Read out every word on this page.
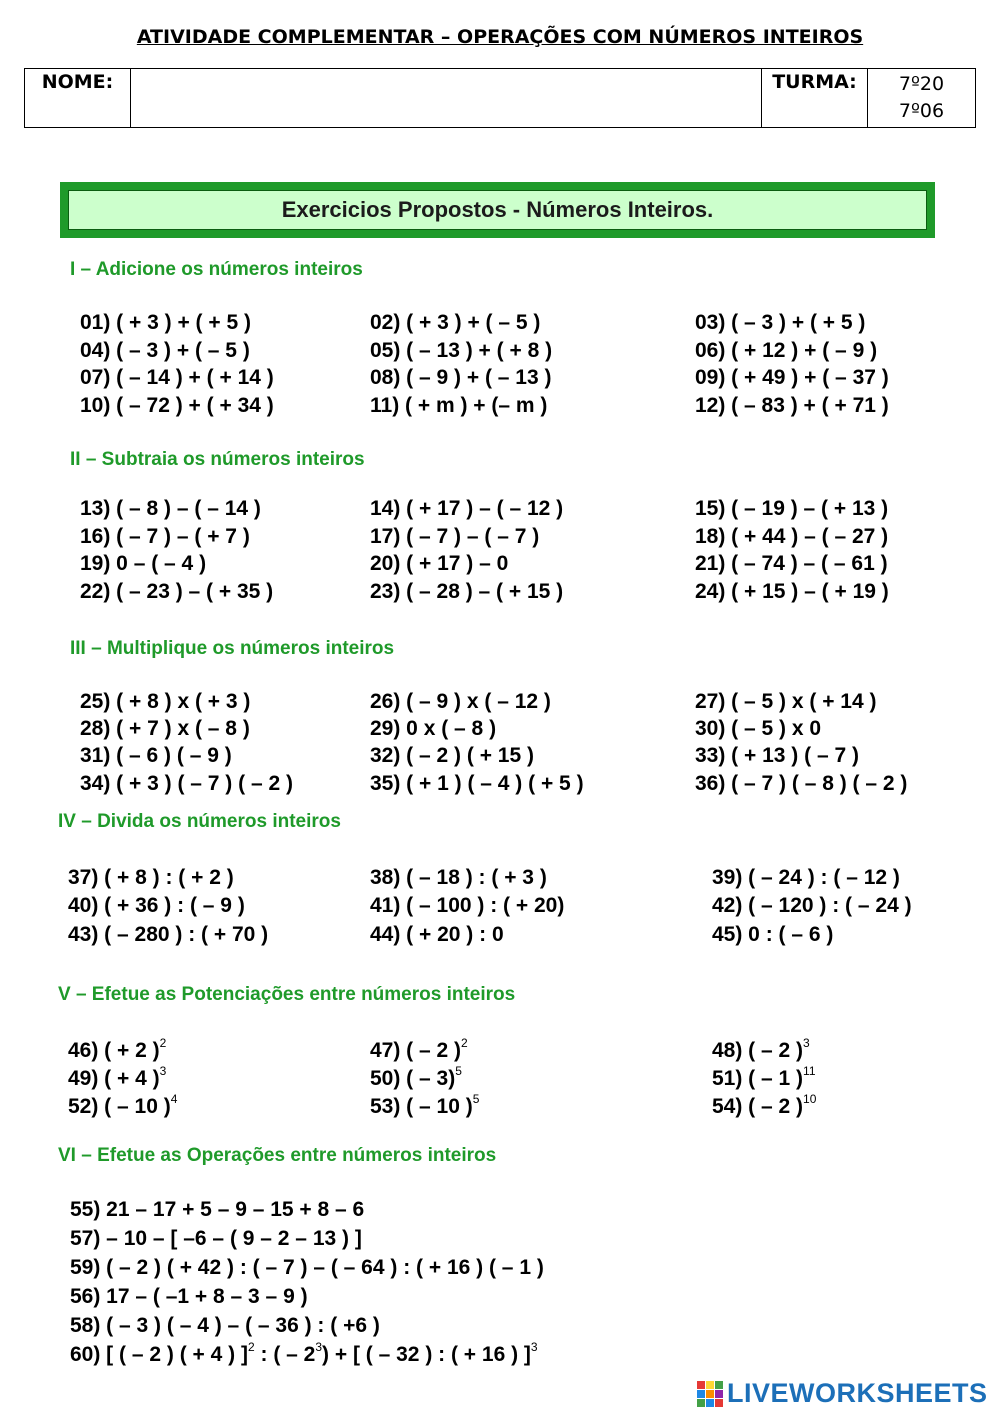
ATIVIDADE COMPLEMENTAR – OPERAÇÕES COM NÚMEROS INTEIROS
NOME:		TURMA:	7º20
7º06
Exercicios Propostos - Números Inteiros.
I – Adicione os números inteiros
01) ( + 3 ) + ( + 5 )	02) ( + 3 ) + ( – 5 )	03) ( – 3 ) + ( + 5 )
04) ( – 3 ) + ( – 5 )	05) ( – 13 ) + ( + 8 )	06) ( + 12 ) + ( – 9 )
07) ( – 14 ) + ( + 14 )	08) ( – 9 ) + ( – 13 )	09) ( + 49 ) + ( – 37 )
10) ( – 72 ) + ( + 34 )	11) ( + m ) + (– m )	12) ( – 83 ) + ( + 71 )
II – Subtraia os números inteiros
13) ( – 8 ) – ( – 14 )	14) ( + 17 ) – ( – 12 )	15) ( – 19 ) – ( + 13 )
16) ( – 7 ) – ( + 7 )	17) ( – 7 ) – ( – 7 )	18) ( + 44 ) – ( – 27 )
19) 0 – ( – 4 )	20) ( + 17 ) – 0	21) ( – 74 ) – ( – 61 )
22) ( – 23 ) – ( + 35 )	23) ( – 28 ) – ( + 15 )	24) ( + 15 ) – ( + 19 )
III – Multiplique os números inteiros
25) ( + 8 ) x ( + 3 )	26) ( – 9 ) x ( – 12 )	27) ( – 5 ) x ( + 14 )
28) ( + 7 ) x ( – 8 )	29) 0 x ( – 8 )	30) ( – 5 ) x 0
31) ( – 6 ) ( – 9 )	32) ( – 2 ) ( + 15 )	33) ( + 13 ) ( – 7 )
34) ( + 3 ) ( – 7 ) ( – 2 )	35) ( + 1 ) ( – 4 ) ( + 5 )	36) ( – 7 ) ( – 8 ) ( – 2 )
IV – Divida os números inteiros
37) ( + 8 ) : ( + 2 )	38) ( – 18 ) : ( + 3 )	39) ( – 24 ) : ( – 12 )
40) ( + 36 ) : ( – 9 )	41) ( – 100 ) : ( + 20)	42) ( – 120 ) : ( – 24 )
43) ( – 280 ) : ( + 70 )	44) ( + 20 ) : 0	45) 0 : ( – 6 )
V – Efetue as Potenciações entre números inteiros
46) ( + 2 )$^2$	47) ( – 2 )$^2$	48) ( – 2 )$^3$
49) ( + 4 )$^3$	50) ( – 3)$^5$	51) ( – 1 )$^{11}$
52) ( – 10 )$^4$	53) ( – 10 )$^5$	54) ( – 2 )$^{10}$
VI – Efetue as Operações entre números inteiros
55) 21 – 17 + 5 – 9 – 15 + 8 – 6
57) – 10 – [ –6 – ( 9 – 2 – 13 ) ]
59) ( – 2 ) ( + 42 ) : ( – 7 ) – ( – 64 ) : ( + 16 ) ( – 1 )
56) 17 – ( –1 + 8 – 3 – 9 )
58) ( – 3 ) ( – 4 ) – ( – 36 ) : ( +6 )
60) [ ( – 2 ) ( + 4 ) ]$^2$ : ( – $2^3$) + [ ( – 32 ) : ( + 16 ) ]$^3$
LIVEWORKSHEETS
